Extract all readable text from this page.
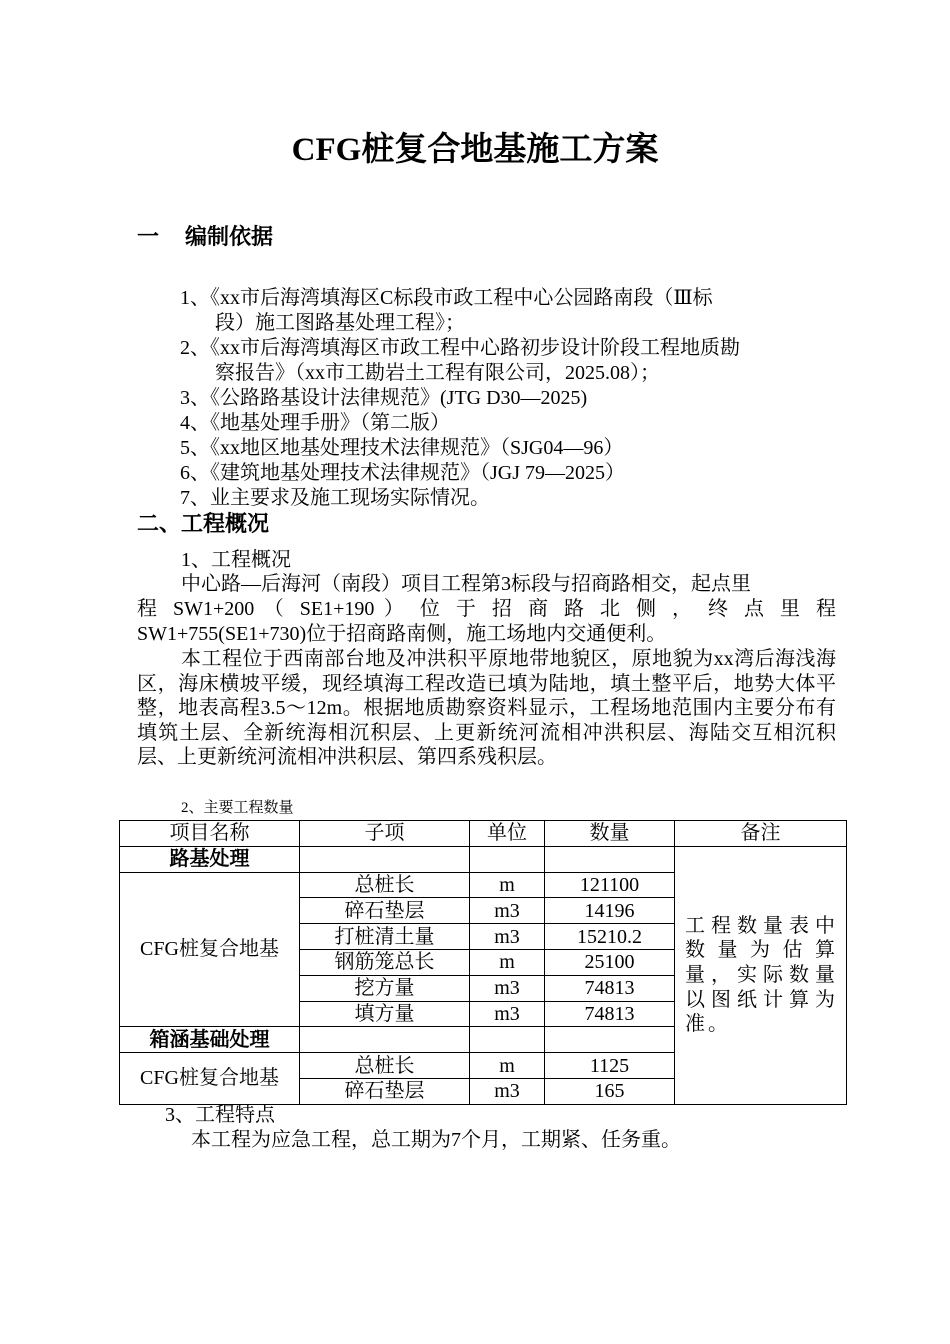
CFG桩复合地基施工方案
一 编制依据
1、《xx市后海湾填海区C标段市政工程中心公园路南段（Ⅲ标
段）施工图路基处理工程》；
2、《xx市后海湾填海区市政工程中心路初步设计阶段工程地质勘
察报告》（xx市工勘岩土工程有限公司，2025.08）；
3、《公路路基设计法律规范》(JTG D30—2025)
4、《地基处理手册》（第二版）
5、《xx地区地基处理技术法律规范》（SJG04—96）
6、《建筑地基处理技术法律规范》（JGJ 79—2025）
7、业主要求及施工现场实际情况。
二、工程概况
1、工程概况
中心路—后海河（南段）项目工程第3标段与招商路相交，起点里
程 SW1+200 （ SE1+190 ） 位 于 招 商 路 北 侧 ， 终 点 里 程
SW1+755(SE1+730)位于招商路南侧，施工场地内交通便利。
本工程位于西南部台地及冲洪积平原地带地貌区，原地貌为xx湾后海浅海区，海床横坡平缓，现经填海工程改造已填为陆地，填土整平后，地势大体平整，地表高程3.5～12m。根据地质勘察资料显示，工程场地范围内主要分布有填筑土层、全新统海相沉积层、上更新统河流相冲洪积层、海陆交互相沉积层、上更新统河流相冲洪积层、第四系残积层。
2、主要工程数量
项目名称	子项	单位	数量	备注
路基处理				工程数量表中数量为估算量，实际数量以图纸计算为准。
CFG桩复合地基	总桩长	m	121100	
	碎石垫层	m3	14196	
	打桩清土量	m3	15210.2	
	钢筋笼总长	m	25100	
	挖方量	m3	74813	
	填方量	m3	74813	
箱涵基础处理				
CFG桩复合地基	总桩长	m	1125	
	碎石垫层	m3	165	
3、工程特点
本工程为应急工程，总工期为7个月，工期紧、任务重。
